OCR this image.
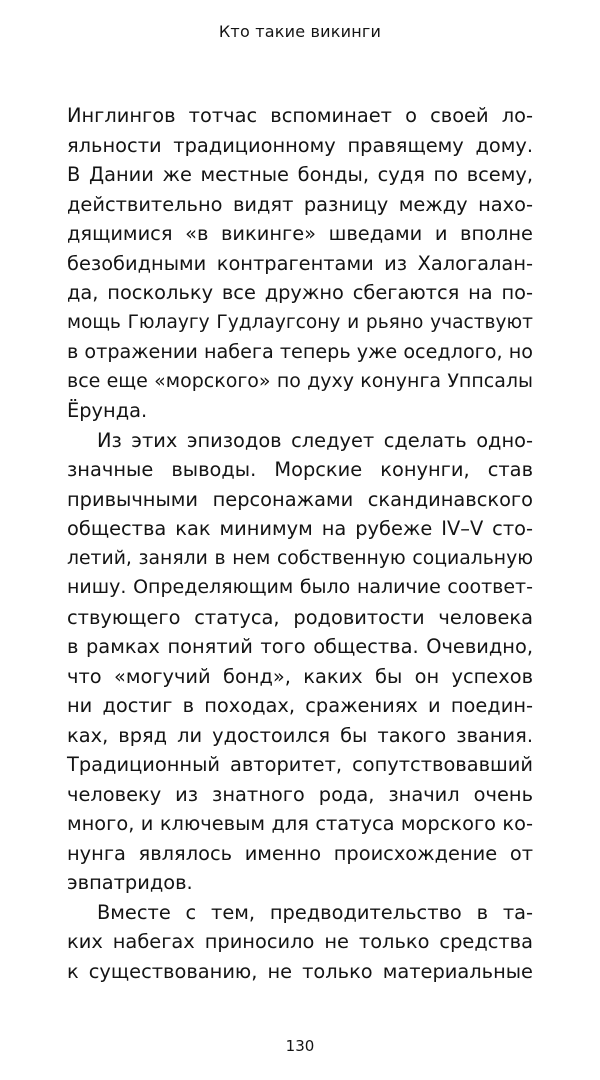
Кто такие викинги
Инглингов тотчас вспоминает о своей ло-
яльности традиционному правящему дому.
В Дании же местные бонды, судя по всему,
действительно видят разницу между нахо-
дящимися «в викинге» шведами и вполне
безобидными контрагентами из Халогалан-
да, поскольку все дружно сбегаются на по-
мощь Гюлаугу Гудлаугсону и рьяно участвуют
в отражении набега теперь уже оседлого, но
все еще «морского» по духу конунга Уппсалы
Ёрунда.
Из этих эпизодов следует сделать одно-
значные выводы. Морские конунги, став
привычными персонажами скандинавского
общества как минимум на рубеже IV–V сто-
летий, заняли в нем собственную социальную
нишу. Определяющим было наличие соответ-
ствующего статуса, родовитости человека
в рамках понятий того общества. Очевидно,
что «могучий бонд», каких бы он успехов
ни достиг в походах, сражениях и поедин-
ках, вряд ли удостоился бы такого звания.
Традиционный авторитет, сопутствовавший
человеку из знатного рода, значил очень
много, и ключевым для статуса морского ко-
нунга являлось именно происхождение от
эвпатридов.
Вместе с тем, предводительство в та-
ких набегах приносило не только средства
к существованию, не только материальные
130
